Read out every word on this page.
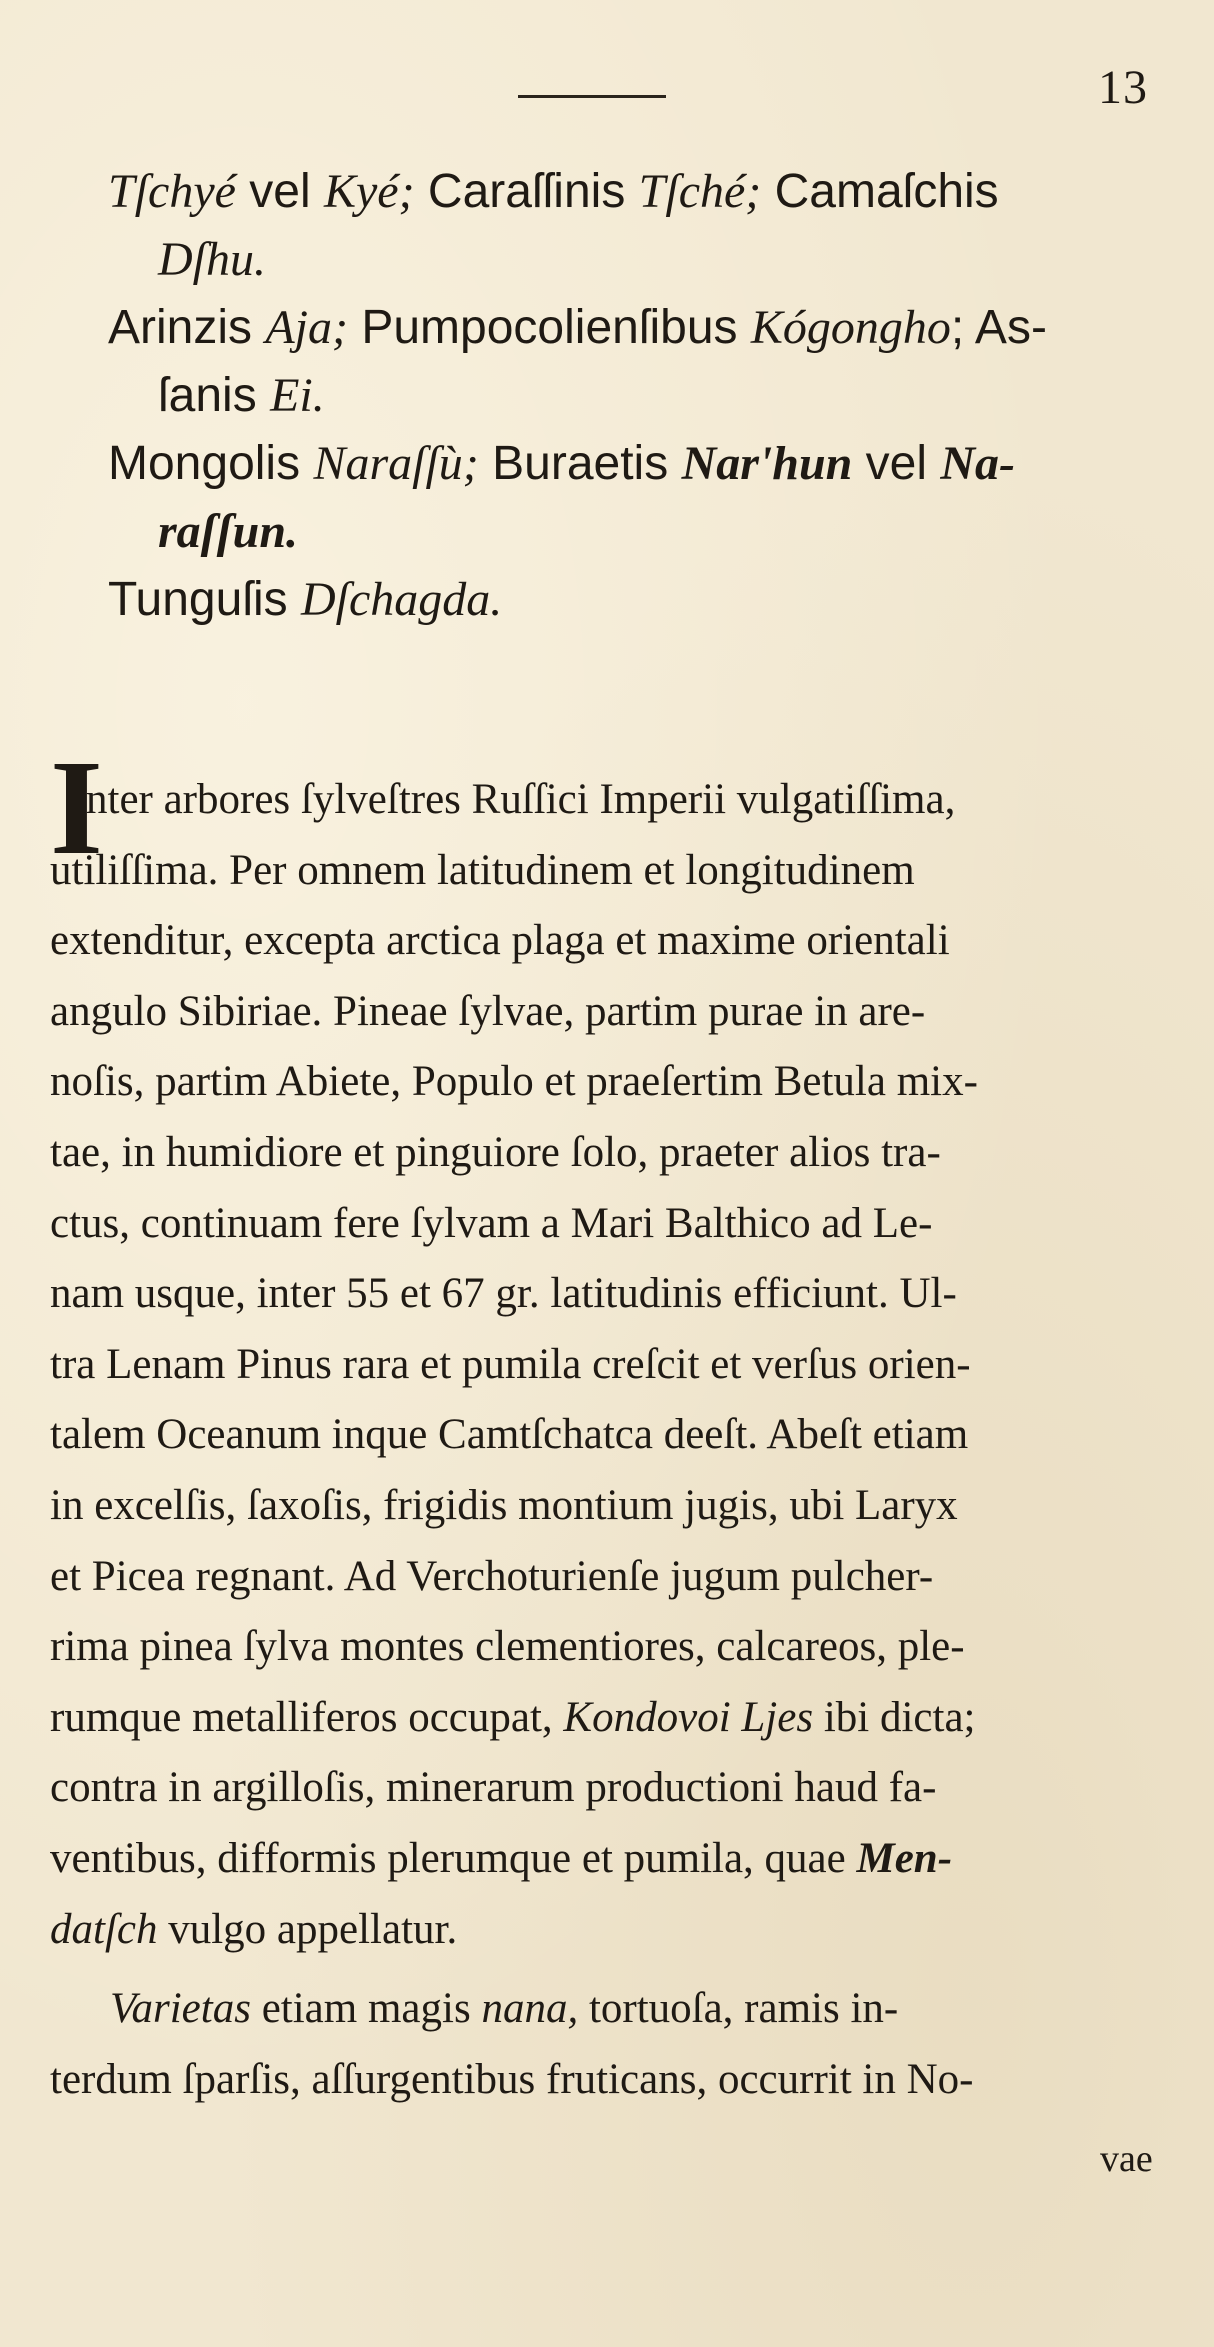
13
Tſchyé vel Kyé; Caraſſinis Tſché; Camaſchis
Dſhu.
Arinzis Aja; Pumpocolienſibus Kógongho; As-
ſanis Ei.
Mongolis Naraſſù; Buraetis Nar'hun vel Na-
raſſun.
Tunguſis Dſchagda.
I
nter arbores ſylveſtres Ruſſici Imperii vulgatiſſima,
utiliſſima. Per omnem latitudinem et longitudinem
extenditur, excepta arctica plaga et maxime orientali
angulo Sibiriae. Pineae ſylvae, partim purae in are-
noſis, partim Abiete, Populo et praeſertim Betula mix-
tae, in humidiore et pinguiore ſolo, praeter alios tra-
ctus, continuam fere ſylvam a Mari Balthico ad Le-
nam usque, inter 55 et 67 gr. latitudinis efficiunt. Ul-
tra Lenam Pinus rara et pumila creſcit et verſus orien-
talem Oceanum inque Camtſchatca deeſt. Abeſt etiam
in excelſis, ſaxoſis, frigidis montium jugis, ubi Laryx
et Picea regnant. Ad Verchoturienſe jugum pulcher-
rima pinea ſylva montes clementiores, calcareos, ple-
rumque metalliferos occupat, Kondovoi Ljes ibi dicta;
contra in argilloſis, minerarum productioni haud fa-
ventibus, difformis plerumque et pumila, quae Men-
datſch vulgo appellatur.
Varietas etiam magis nana, tortuoſa, ramis in-
terdum ſparſis, aſſurgentibus fruticans, occurrit in No-
vae
